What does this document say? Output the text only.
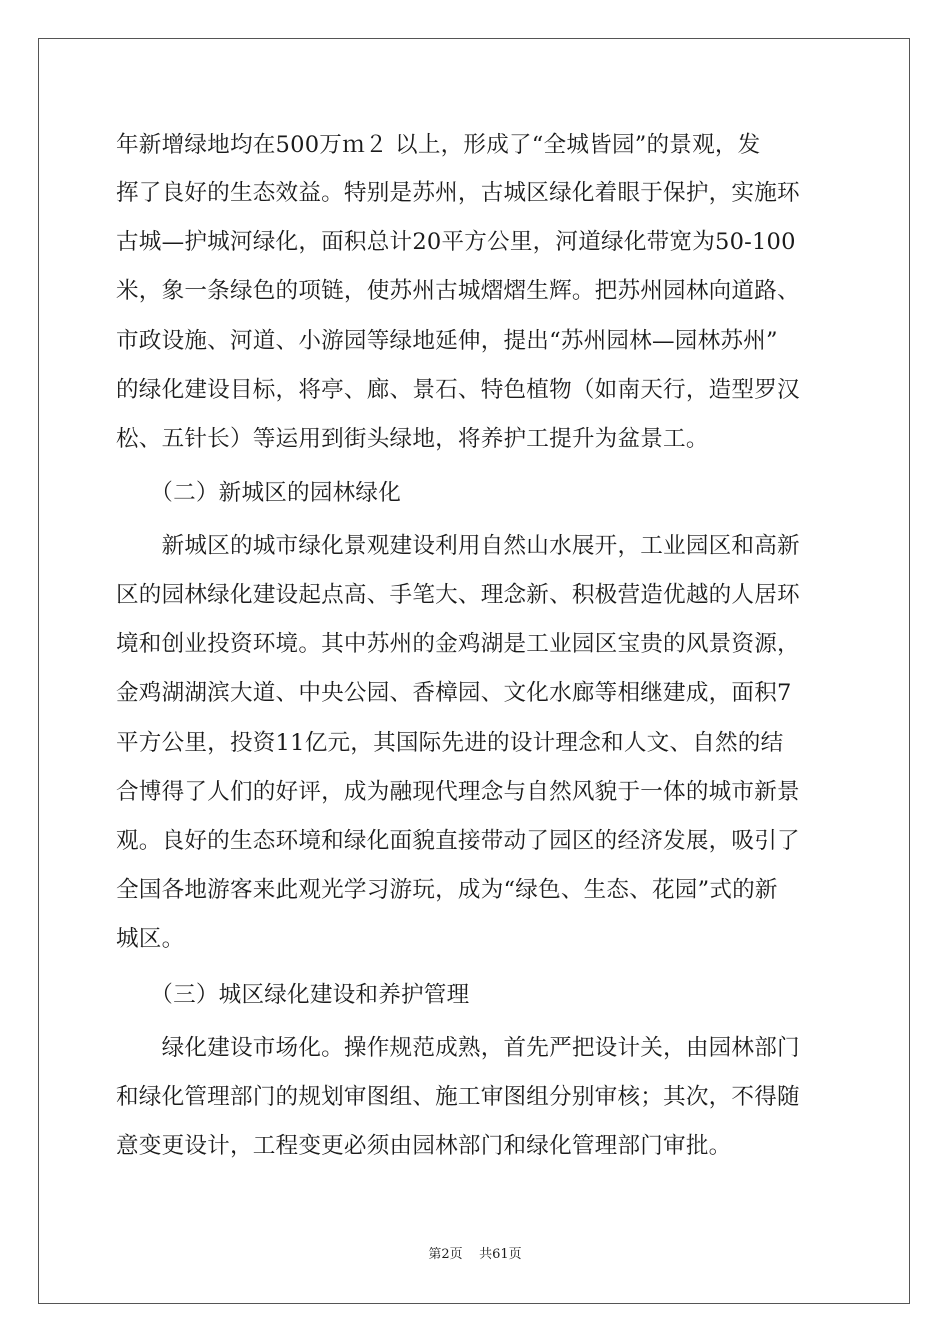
年新增绿地均在500万ｍ２ 以上，形成了“全城皆园”的景观，发
挥了良好的生态效益。特别是苏州，古城区绿化着眼于保护，实施环
古城—护城河绿化，面积总计20平方公里，河道绿化带宽为50-100
米，象一条绿色的项链，使苏州古城熠熠生辉。把苏州园林向道路、
市政设施、河道、小游园等绿地延伸，提出“苏州园林—园林苏州”
的绿化建设目标，将亭、廊、景石、特色植物（如南天行，造型罗汉
松、五针长）等运用到街头绿地，将养护工提升为盆景工。
　　（二）新城区的园林绿化
　　新城区的城市绿化景观建设利用自然山水展开，工业园区和高新
区的园林绿化建设起点高、手笔大、理念新、积极营造优越的人居环
境和创业投资环境。其中苏州的金鸡湖是工业园区宝贵的风景资源，
金鸡湖湖滨大道、中央公园、香樟园、文化水廊等相继建成，面积7
平方公里，投资11亿元，其国际先进的设计理念和人文、自然的结
合博得了人们的好评，成为融现代理念与自然风貌于一体的城市新景
观。良好的生态环境和绿化面貌直接带动了园区的经济发展，吸引了
全国各地游客来此观光学习游玩，成为“绿色、生态、花园”式的新
城区。
　　（三）城区绿化建设和养护管理
　　绿化建设市场化。操作规范成熟，首先严把设计关，由园林部门
和绿化管理部门的规划审图组、施工审图组分别审核；其次，不得随
意变更设计，工程变更必须由园林部门和绿化管理部门审批。
第2页 共61页
